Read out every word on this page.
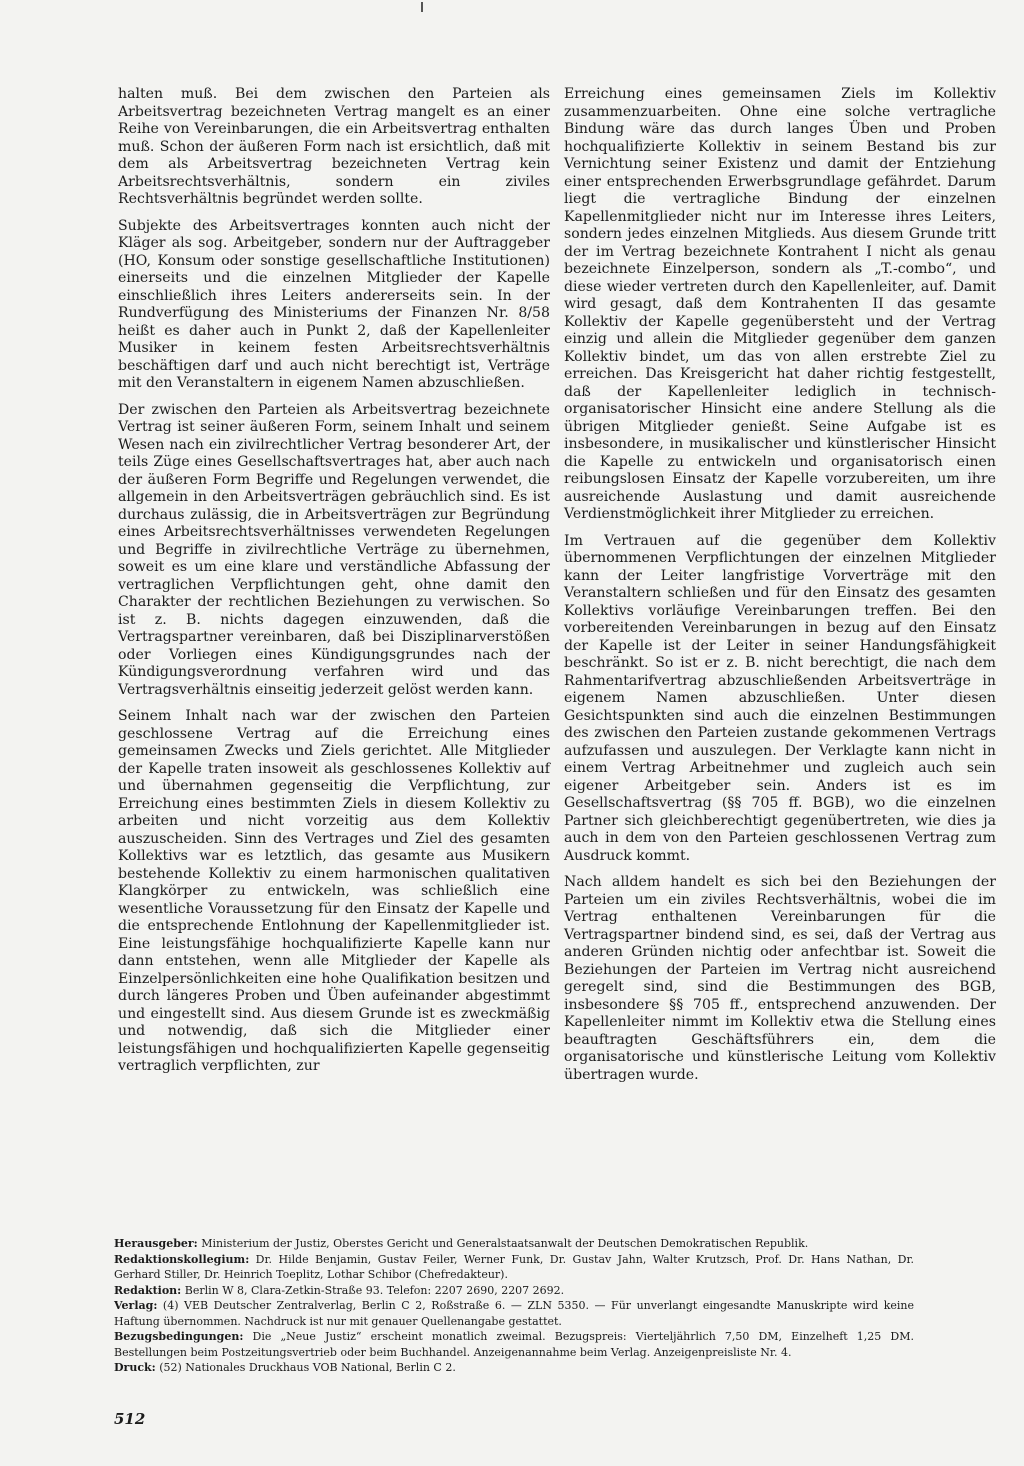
halten muß. Bei dem zwischen den Parteien als Arbeitsvertrag bezeichneten Vertrag mangelt es an einer Reihe von Vereinbarungen, die ein Arbeitsvertrag enthalten muß. Schon der äußeren Form nach ist ersichtlich, daß mit dem als Arbeitsvertrag bezeichneten Vertrag kein Arbeitsrechtsverhältnis, sondern ein ziviles Rechtsverhältnis begründet werden sollte.

Subjekte des Arbeitsvertrages konnten auch nicht der Kläger als sog. Arbeitgeber, sondern nur der Auftraggeber (HO, Konsum oder sonstige gesellschaftliche Institutionen) einerseits und die einzelnen Mitglieder der Kapelle einschließlich ihres Leiters andererseits sein. In der Rundverfügung des Ministeriums der Finanzen Nr. 8/58 heißt es daher auch in Punkt 2, daß der Kapellenleiter Musiker in keinem festen Arbeitsrechtsverhältnis beschäftigen darf und auch nicht berechtigt ist, Verträge mit den Veranstaltern in eigenem Namen abzuschließen.

Der zwischen den Parteien als Arbeitsvertrag bezeichnete Vertrag ist seiner äußeren Form, seinem Inhalt und seinem Wesen nach ein zivilrechtlicher Vertrag besonderer Art, der teils Züge eines Gesellschaftsvertrages hat, aber auch nach der äußeren Form Begriffe und Regelungen verwendet, die allgemein in den Arbeitsverträgen gebräuchlich sind. Es ist durchaus zulässig, die in Arbeitsverträgen zur Begründung eines Arbeitsrechtsverhältnisses verwendeten Regelungen und Begriffe in zivilrechtliche Verträge zu übernehmen, soweit es um eine klare und verständliche Abfassung der vertraglichen Verpflichtungen geht, ohne damit den Charakter der rechtlichen Beziehungen zu verwischen. So ist z. B. nichts dagegen einzuwenden, daß die Vertragspartner vereinbaren, daß bei Disziplinarverstößen oder Vorliegen eines Kündigungsgrundes nach der Kündigungsverordnung verfahren wird und das Vertragsverhältnis einseitig jederzeit gelöst werden kann.

Seinem Inhalt nach war der zwischen den Parteien geschlossene Vertrag auf die Erreichung eines gemeinsamen Zwecks und Ziels gerichtet. Alle Mitglieder der Kapelle traten insoweit als geschlossenes Kollektiv auf und übernahmen gegenseitig die Verpflichtung, zur Erreichung eines bestimmten Ziels in diesem Kollektiv zu arbeiten und nicht vorzeitig aus dem Kollektiv auszuscheiden. Sinn des Vertrages und Ziel des gesamten Kollektivs war es letztlich, das gesamte aus Musikern bestehende Kollektiv zu einem harmonischen qualitativen Klangkörper zu entwickeln, was schließlich eine wesentliche Voraussetzung für den Einsatz der Kapelle und die entsprechende Entlohnung der Kapellenmitglieder ist. Eine leistungsfähige hochqualifizierte Kapelle kann nur dann entstehen, wenn alle Mitglieder der Kapelle als Einzelpersönlichkeiten eine hohe Qualifikation besitzen und durch längeres Proben und Üben aufeinander abgestimmt und eingestellt sind. Aus diesem Grunde ist es zweckmäßig und notwendig, daß sich die Mitglieder einer leistungsfähigen und hochqualifizierten Kapelle gegenseitig vertraglich verpflichten, zur

Erreichung eines gemeinsamen Ziels im Kollektiv zusammenzuarbeiten. Ohne eine solche vertragliche Bindung wäre das durch langes Üben und Proben hochqualifizierte Kollektiv in seinem Bestand bis zur Vernichtung seiner Existenz und damit der Entziehung einer entsprechenden Erwerbsgrundlage gefährdet. Darum liegt die vertragliche Bindung der einzelnen Kapellenmitglieder nicht nur im Interesse ihres Leiters, sondern jedes einzelnen Mitglieds. Aus diesem Grunde tritt der im Vertrag bezeichnete Kontrahent I nicht als genau bezeichnete Einzelperson, sondern als „T.-combo“, und diese wieder vertreten durch den Kapellenleiter, auf. Damit wird gesagt, daß dem Kontrahenten II das gesamte Kollektiv der Kapelle gegenübersteht und der Vertrag einzig und allein die Mitglieder gegenüber dem ganzen Kollektiv bindet, um das von allen erstrebte Ziel zu erreichen. Das Kreisgericht hat daher richtig festgestellt, daß der Kapellenleiter lediglich in technisch-organisatorischer Hinsicht eine andere Stellung als die übrigen Mitglieder genießt. Seine Aufgabe ist es insbesondere, in musikalischer und künstlerischer Hinsicht die Kapelle zu entwickeln und organisatorisch einen reibungslosen Einsatz der Kapelle vorzubereiten, um ihre ausreichende Auslastung und damit ausreichende Verdienstmöglichkeit ihrer Mitglieder zu erreichen.

Im Vertrauen auf die gegenüber dem Kollektiv übernommenen Verpflichtungen der einzelnen Mitglieder kann der Leiter langfristige Vorverträge mit den Veranstaltern schließen und für den Einsatz des gesamten Kollektivs vorläufige Vereinbarungen treffen. Bei den vorbereitenden Vereinbarungen in bezug auf den Einsatz der Kapelle ist der Leiter in seiner Handungsfähigkeit beschränkt. So ist er z. B. nicht berechtigt, die nach dem Rahmentarifvertrag abzuschließenden Arbeitsverträge in eigenem Namen abzuschließen. Unter diesen Gesichtspunkten sind auch die einzelnen Bestimmungen des zwischen den Parteien zustande gekommenen Vertrags aufzufassen und auszulegen. Der Verklagte kann nicht in einem Vertrag Arbeitnehmer und zugleich auch sein eigener Arbeitgeber sein. Anders ist es im Gesellschaftsvertrag (§§ 705 ff. BGB), wo die einzelnen Partner sich gleichberechtigt gegenübertreten, wie dies ja auch in dem von den Parteien geschlossenen Vertrag zum Ausdruck kommt.

Nach alldem handelt es sich bei den Beziehungen der Parteien um ein ziviles Rechtsverhältnis, wobei die im Vertrag enthaltenen Vereinbarungen für die Vertragspartner bindend sind, es sei, daß der Vertrag aus anderen Gründen nichtig oder anfechtbar ist. Soweit die Beziehungen der Parteien im Vertrag nicht ausreichend geregelt sind, sind die Bestimmungen des BGB, insbesondere §§ 705 ff., entsprechend anzuwenden. Der Kapellenleiter nimmt im Kollektiv etwa die Stellung eines beauftragten Geschäftsführers ein, dem die organisatorische und künstlerische Leitung vom Kollektiv übertragen wurde.

Herausgeber: Ministerium der Justiz, Oberstes Gericht und Generalstaatsanwalt der Deutschen Demokratischen Republik.

Redaktionskollegium: Dr. Hilde Benjamin, Gustav Feiler, Werner Funk, Dr. Gustav Jahn, Walter Krutzsch, Prof. Dr. Hans Nathan, Dr. Gerhard Stiller, Dr. Heinrich Toeplitz, Lothar Schibor (Chefredakteur).

Redaktion: Berlin W 8, Clara-Zetkin-Straße 93. Telefon: 2207 2690, 2207 2692.

Verlag: (4) VEB Deutscher Zentralverlag, Berlin C 2, Roßstraße 6. — ZLN 5350. — Für unverlangt eingesandte Manuskripte wird keine Haftung übernommen. Nachdruck ist nur mit genauer Quellenangabe gestattet.

Bezugsbedingungen: Die „Neue Justiz“ erscheint monatlich zweimal. Bezugspreis: Vierteljährlich 7,50 DM, Einzelheft 1,25 DM. Bestellungen beim Postzeitungsvertrieb oder beim Buchhandel. Anzeigenannahme beim Verlag. Anzeigenpreisliste Nr. 4.

Druck: (52) Nationales Druckhaus VOB National, Berlin C 2.

512
